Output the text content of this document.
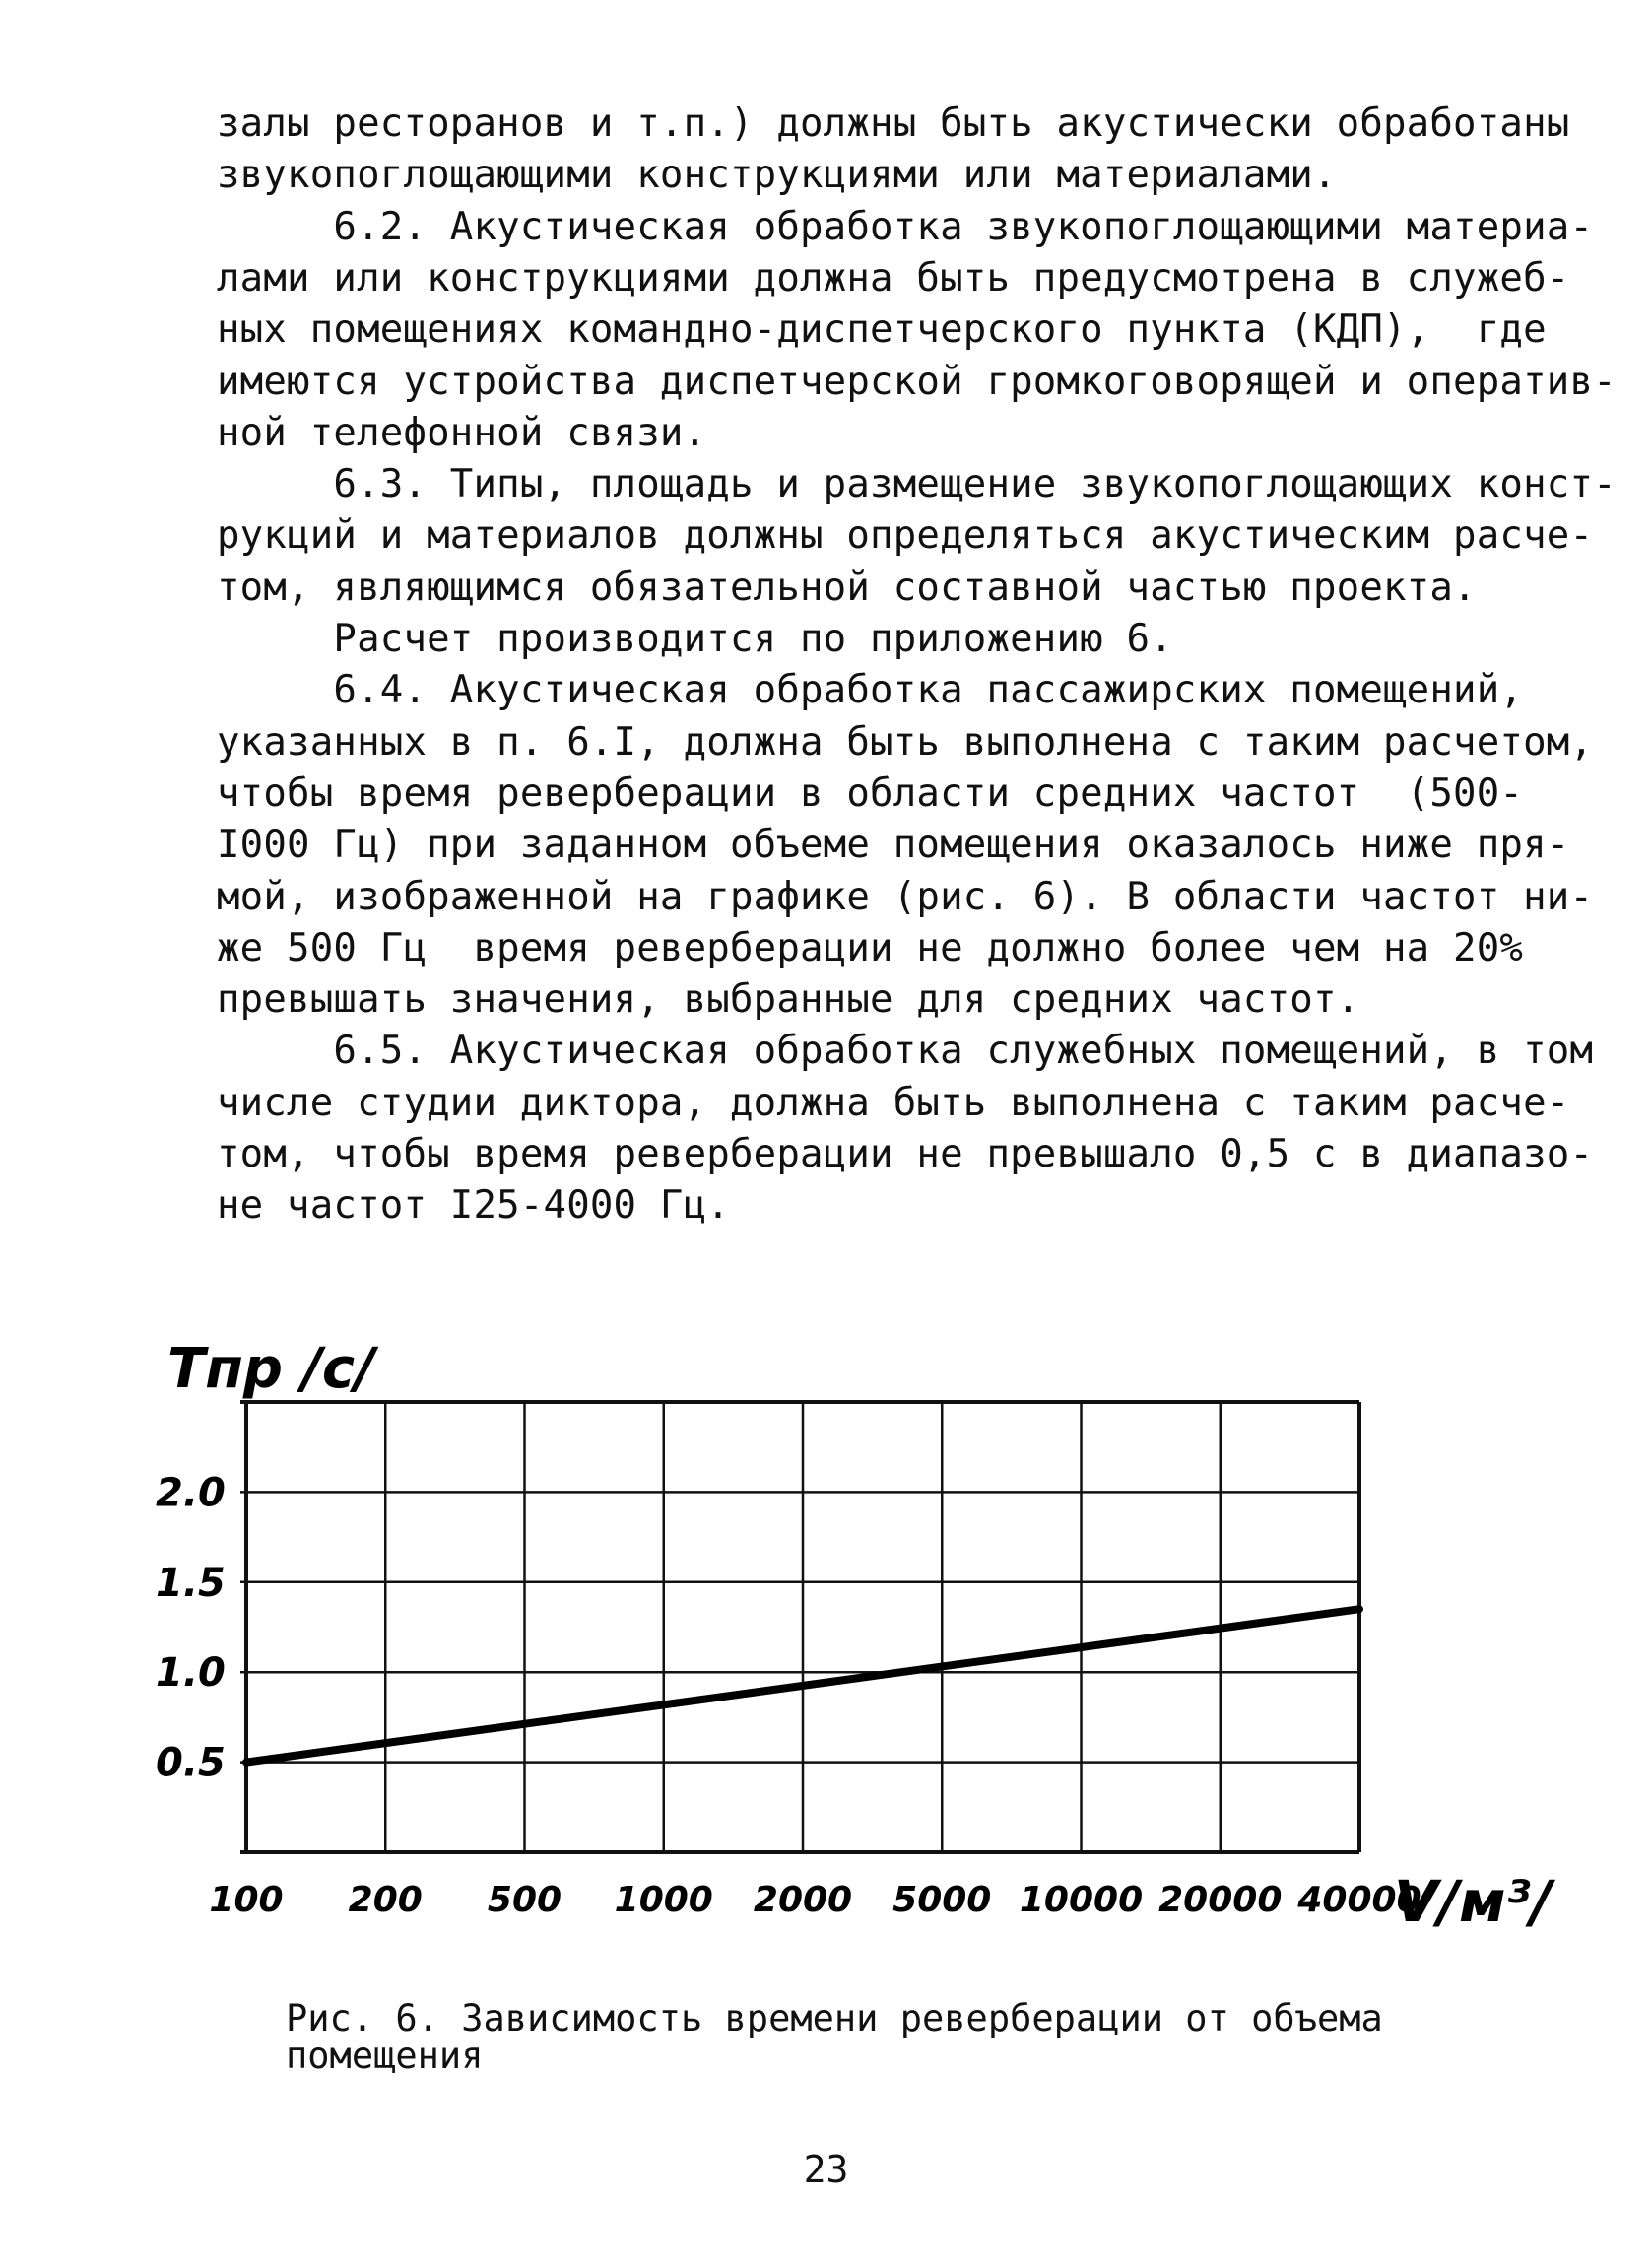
залы ресторанов и т.п.) должны быть акустически обработаны
звукопоглощающими конструкциями или материалами.
6.2. Акустическая обработка звукопоглощающими материа-
лами или конструкциями должна быть предусмотрена в служеб-
ных помещениях командно-диспетчерского пункта (КДП),  где
имеются устройства диспетчерской громкоговорящей и оператив-
ной телефонной связи.
6.3. Типы, площадь и размещение звукопоглощающих конст-
рукций и материалов должны определяться акустическим расче-
том, являющимся обязательной составной частью проекта.
Расчет производится по приложению 6.
6.4. Акустическая обработка пассажирских помещений,
указанных в п. 6.I, должна быть выполнена с таким расчетом,
чтобы время реверберации в области средних частот  (500-
I000 Гц) при заданном объеме помещения оказалось ниже пря-
мой, изображенной на графике (рис. 6). В области частот ни-
же 500 Гц  время реверберации не должно более чем на 20%
превышать значения, выбранные для средних частот.
6.5. Акустическая обработка служебных помещений, в том
числе студии диктора, должна быть выполнена с таким расче-
том, чтобы время реверберации не превышало 0,5 с в диапазо-
не частот I25-4000 Гц.
0.5
1.0
1.5
2.0
100 200 500 1000 2000 5000 10000 20000 40000
Тпр /с/
V/м³/
Рис. 6. Зависимость времени реверберации от объема
помещения
23
